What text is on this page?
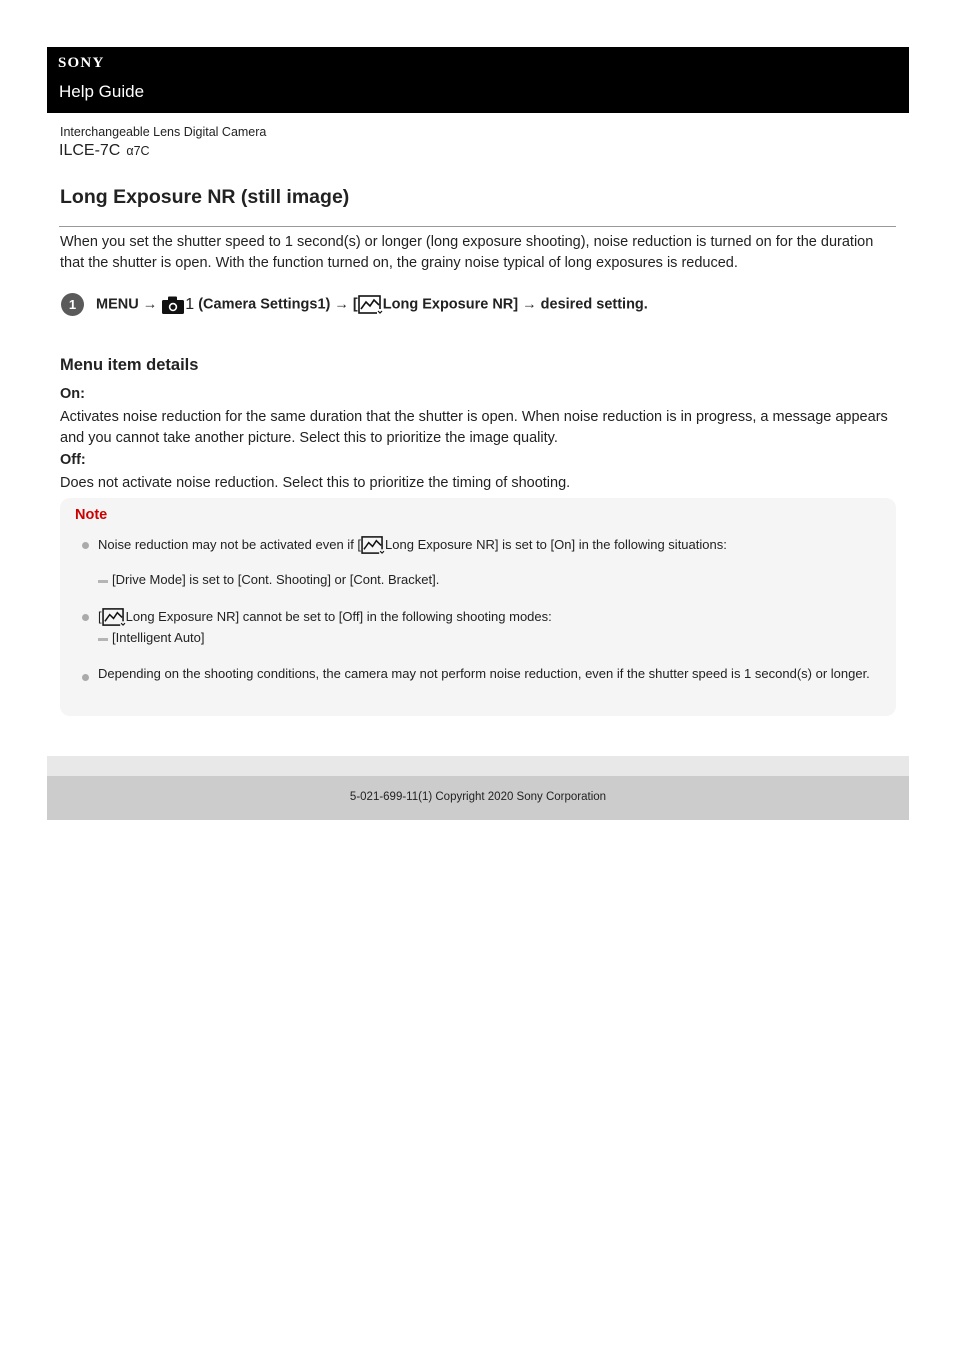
SONY
Help Guide
Interchangeable Lens Digital Camera
ILCE-7C α7C
Long Exposure NR (still image)

When you set the shutter speed to 1 second(s) or longer (long exposure shooting), noise reduction is turned on for the duration that the shutter is open. With the function turned on, the grainy noise typical of long exposures is reduced.

1	MENU → 1 (Camera Settings1) → [ Long Exposure NR] → desired setting.
Menu item details
On:

Activates noise reduction for the same duration that the shutter is open. When noise reduction is in progress, a message appears and you cannot take another picture. Select this to prioritize the image quality.

Off:

Does not activate noise reduction. Select this to prioritize the timing of shooting.

Note
Noise reduction may not be activated even if [ Long Exposure NR] is set to [On] in the following situations:
[Drive Mode] is set to [Cont. Shooting] or [Cont. Bracket].
[ Long Exposure NR] cannot be set to [Off] in the following shooting modes:
[Intelligent Auto]

Depending on the shooting conditions, the camera may not perform noise reduction, even if the shutter speed is 1 second(s) or longer.

5-021-699-11(1) Copyright 2020 Sony Corporation
